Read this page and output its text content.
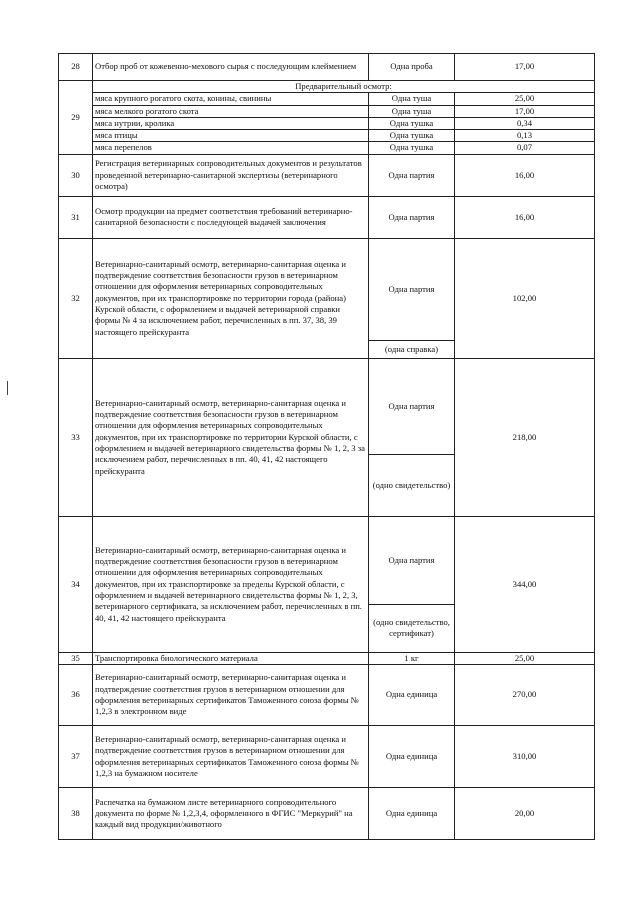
28	Отбор проб от кожевенно-мехового сырья с последующим клеймением	Одна проба	17,00
29	Предварительный осмотр:		
	мяса крупного рогатого скота, конины, свинины	Одна туша	25,00
	мяса мелкого рогатого скота	Одна туша	17,00
	мяса нутрии, кролика	Одна тушка	0,34
	мяса птицы	Одна тушка	0,13
	мяса перепелов	Одна тушка	0,07
30	Регистрация ветеринарных сопроводительных документов и результатов проведенной ветеринарно-санитарной экспертизы (ветеринарного осмотра)	Одна партия	16,00
31	Осмотр продукции на предмет соответствия требований ветеринарно-санитарной безопасности с последующей выдачей заключения	Одна партия	16,00
32	Ветеринарно-санитарный осмотр, ветеринарно-санитарная оценка и подтверждение соответствия безопасности грузов в ветеринарном отношении для оформления ветеринарных сопроводительных документов, при их транспортировке по территории города (района) Курской области, с оформлением и выдачей ветеринарной справки формы № 4 за исключением работ, перечисленных в пп. 37, 38, 39 настоящего прейскуранта	Одна партия	102,00
		(одна справка)	
33	Ветеринарно-санитарный осмотр, ветеринарно-санитарная оценка и подтверждение соответствия безопасности грузов в ветеринарном отношении для оформления ветеринарных сопроводительных документов, при их транспортировке по территории Курской области, с оформлением и выдачей ветеринарного свидетельства формы № 1, 2, 3 за исключением работ, перечисленных в пп. 40, 41, 42 настоящего прейскуранта	Одна партия	218,00
		(одно свидетельство)	
34	Ветеринарно-санитарный осмотр, ветеринарно-санитарная оценка и подтверждение соответствия безопасности грузов в ветеринарном отношении для оформления ветеринарных сопроводительных документов, при их транспортировке за пределы Курской области, с оформлением и выдачей ветеринарного свидетельства формы № 1, 2, 3, ветеринарного сертификата, за исключением работ, перечисленных в пп. 40, 41, 42 настоящего прейскуранта	Одна партия	344,00
		(одно свидетельство, сертификат)	
35	Транспортировка биологического материала	1 кг	25,00
36	Ветеринарно-санитарный осмотр, ветеринарно-санитарная оценка и подтверждение соответствия грузов в ветеринарном отношении для оформления ветеринарных сертификатов Таможенного союза формы № 1,2,3 в электронном виде	Одна единица	270,00
37	Ветеринарно-санитарный осмотр, ветеринарно-санитарная оценка и подтверждение соответствия грузов в ветеринарном отношении для оформления ветеринарных сертификатов Таможенного союза формы № 1,2,3 на бумажном носителе	Одна единица	310,00
38	Распечатка на бумажном листе ветеринарного сопроводительного документа по форме № 1,2,3,4, оформленного в ФГИС "Меркурий" на каждый вид продукции/животного	Одна единица	20,00
